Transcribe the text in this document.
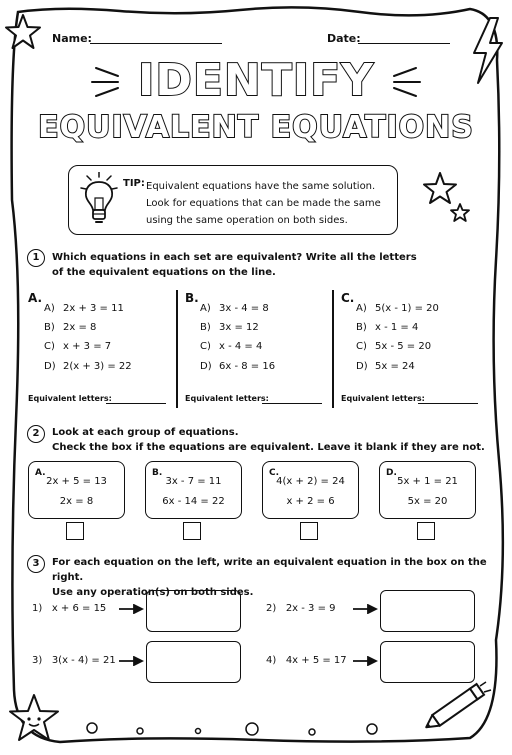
Name:	Date:
IDENTIFY
EQUIVALENT EQUATIONS
TIP: Equivalent equations have the same solution.
Look for equations that can be made the same
using the same operation on both sides.
1	Which equations in each set are equivalent? Write all the letters
of the equivalent equations on the line.
A.
A) 2x + 3 = 11
B) 2x = 8
C) x + 3 = 7
D) 2(x + 3) = 22
Equivalent letters:
B.
A) 3x - 4 = 8
B) 3x = 12
C) x - 4 = 4
D) 6x - 8 = 16
Equivalent letters:
C.
A) 5(x - 1) = 20
B) x - 1 = 4
C) 5x - 5 = 20
D) 5x = 24
Equivalent letters:
2	Look at each group of equations.
Check the box if the equations are equivalent. Leave it blank if they are not.
A.
2x + 5 = 13
2x = 8
B.
3x - 7 = 11
6x - 14 = 22
C.
4(x + 2) = 24
x + 2 = 6
D.
5x + 1 = 21
5x = 20
3	For each equation on the left, write an equivalent equation in the box on the right.
Use any operation(s) on both sides.
1) x + 6 = 15	2) 2x - 3 = 9
3) 3(x - 4) = 21	4) 4x + 5 = 17
